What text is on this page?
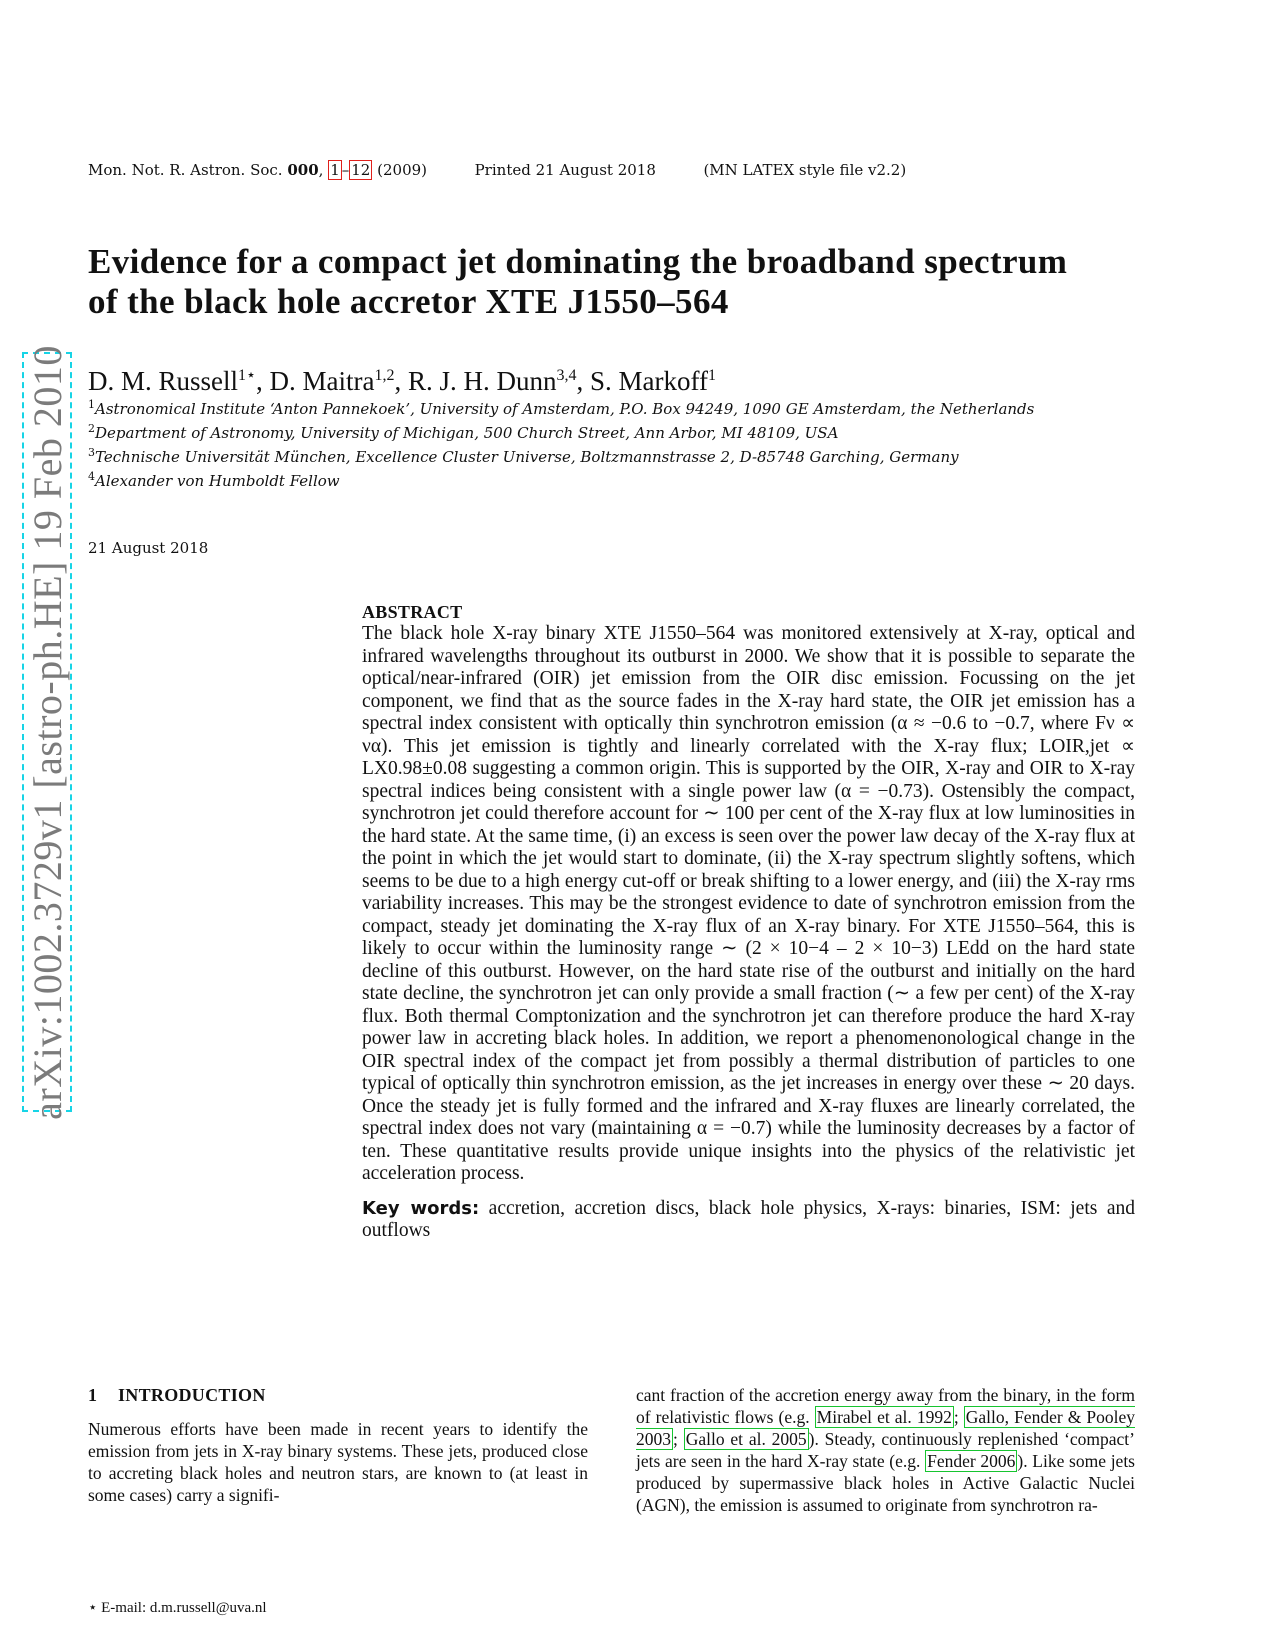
arXiv:1002.3729v1 [astro-ph.HE] 19 Feb 2010
Mon. Not. R. Astron. Soc. 000, 1 – 12 (2009)	Printed 21 August 2018	(MN LATEX style file v2.2)
Evidence for a compact jet dominating the broadband spectrum of the black hole accretor XTE J1550–564
D. M. Russell$^{1⋆}$, D. Maitra$^{1,2}$, R. J. H. Dunn$^{3,4}$, S. Markoff$^1$
$^1$Astronomical Institute ‘Anton Pannekoek’, University of Amsterdam, P.O. Box 94249, 1090 GE Amsterdam, the Netherlands
$^2$Department of Astronomy, University of Michigan, 500 Church Street, Ann Arbor, MI 48109, USA
$^3$Technische Universität München, Excellence Cluster Universe, Boltzmannstrasse 2, D-85748 Garching, Germany
$^4$Alexander von Humboldt Fellow
21 August 2018
ABSTRACT

The black hole X-ray binary XTE J1550–564 was monitored extensively at X-ray, optical and infrared wavelengths throughout its outburst in 2000. We show that it is possible to separate the optical/near-infrared (OIR) jet emission from the OIR disc emission. Focussing on the jet component, we find that as the source fades in the X-ray hard state, the OIR jet emission has a spectral index consistent with optically thin synchrotron emission (α ≈ −0.6 to −0.7, where Fν ∝ να). This jet emission is tightly and linearly correlated with the X-ray flux; LOIR,jet ∝ LX0.98±0.08 suggesting a common origin. This is supported by the OIR, X-ray and OIR to X-ray spectral indices being consistent with a single power law (α = −0.73). Ostensibly the compact, synchrotron jet could therefore account for ∼ 100 per cent of the X-ray flux at low luminosities in the hard state. At the same time, (i) an excess is seen over the power law decay of the X-ray flux at the point in which the jet would start to dominate, (ii) the X-ray spectrum slightly softens, which seems to be due to a high energy cut-off or break shifting to a lower energy, and (iii) the X-ray rms variability increases. This may be the strongest evidence to date of synchrotron emission from the compact, steady jet dominating the X-ray flux of an X-ray binary. For XTE J1550–564, this is likely to occur within the luminosity range ∼ (2 × 10−4 – 2 × 10−3) LEdd on the hard state decline of this outburst. However, on the hard state rise of the outburst and initially on the hard state decline, the synchrotron jet can only provide a small fraction (∼ a few per cent) of the X-ray flux. Both thermal Comptonization and the synchrotron jet can therefore produce the hard X-ray power law in accreting black holes. In addition, we report a phenomenonological change in the OIR spectral index of the compact jet from possibly a thermal distribution of particles to one typical of optically thin synchrotron emission, as the jet increases in energy over these ∼ 20 days. Once the steady jet is fully formed and the infrared and X-ray fluxes are linearly correlated, the spectral index does not vary (maintaining α = −0.7) while the luminosity decreases by a factor of ten. These quantitative results provide unique insights into the physics of the relativistic jet acceleration process.

Key words: accretion, accretion discs, black hole physics, X-rays: binaries, ISM: jets and outflows

1 INTRODUCTION

Numerous efforts have been made in recent years to identify the emission from jets in X-ray binary systems. These jets, produced close to accreting black holes and neutron stars, are known to (at least in some cases) carry a signifi-

cant fraction of the accretion energy away from the binary, in the form of relativistic flows (e.g. Mirabel et al. 1992 ; Gallo, Fender & Pooley 2003 ; Gallo et al. 2005 ). Steady, continuously replenished ‘compact’ jets are seen in the hard X-ray state (e.g. Fender 2006 ). Like some jets produced by supermassive black holes in Active Galactic Nuclei (AGN), the emission is assumed to originate from synchrotron ra-

⋆ E-mail: d.m.russell@uva.nl
